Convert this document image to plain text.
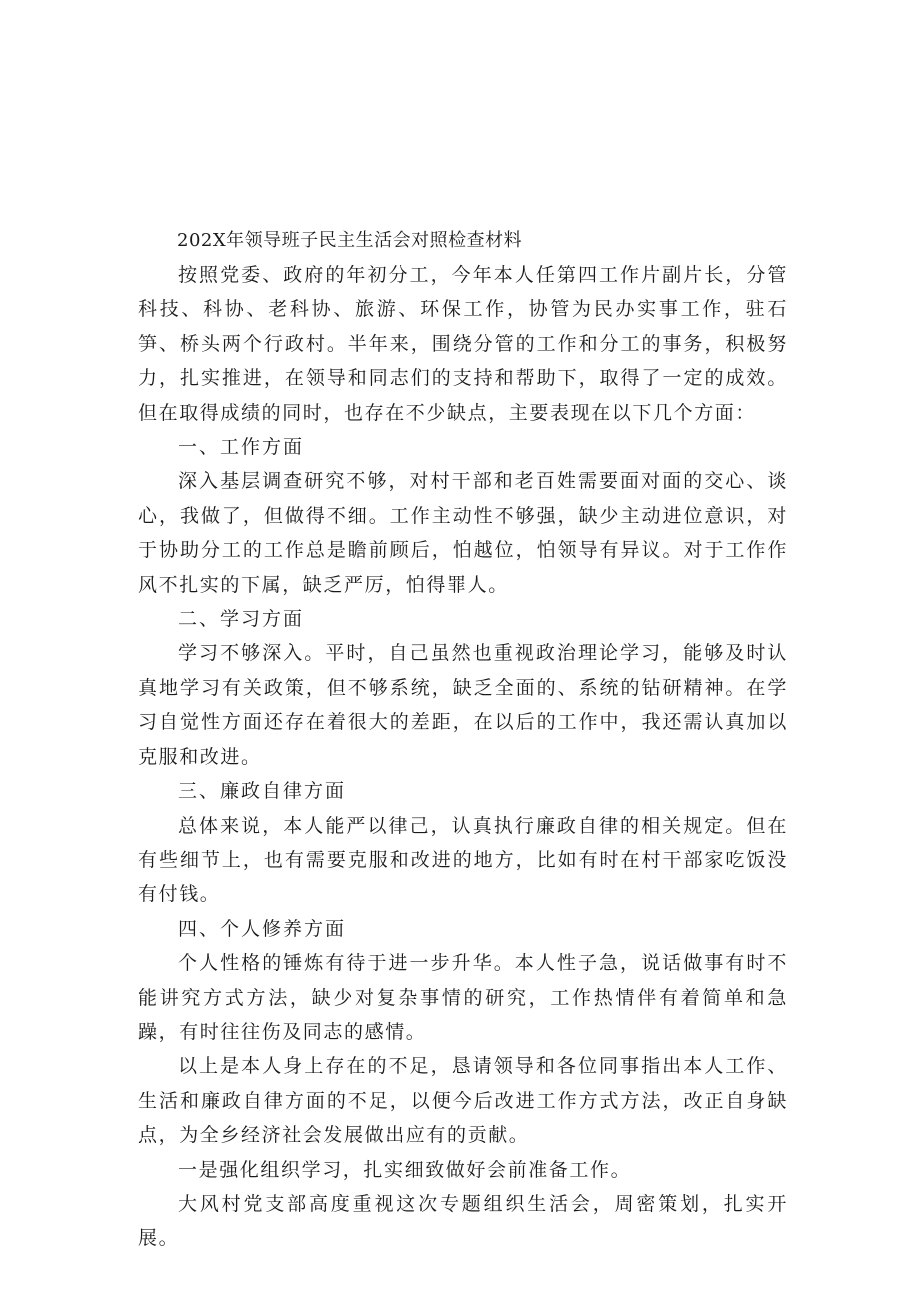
202X年领导班子民主生活会对照检查材料

按照党委、政府的年初分工，今年本人任第四工作片副片长，分管科技、科协、老科协、旅游、环保工作，协管为民办实事工作，驻石笋、桥头两个行政村。半年来，围绕分管的工作和分工的事务，积极努力，扎实推进，在领导和同志们的支持和帮助下，取得了一定的成效。但在取得成绩的同时，也存在不少缺点，主要表现在以下几个方面：

一、工作方面

深入基层调查研究不够，对村干部和老百姓需要面对面的交心、谈心，我做了，但做得不细。工作主动性不够强，缺少主动进位意识，对于协助分工的工作总是瞻前顾后，怕越位，怕领导有异议。对于工作作风不扎实的下属，缺乏严厉，怕得罪人。

二、学习方面

学习不够深入。平时，自己虽然也重视政治理论学习，能够及时认真地学习有关政策，但不够系统，缺乏全面的、系统的钻研精神。在学习自觉性方面还存在着很大的差距，在以后的工作中，我还需认真加以克服和改进。

三、廉政自律方面

总体来说，本人能严以律己，认真执行廉政自律的相关规定。但在有些细节上，也有需要克服和改进的地方，比如有时在村干部家吃饭没有付钱。

四、个人修养方面

个人性格的锤炼有待于进一步升华。本人性子急，说话做事有时不能讲究方式方法，缺少对复杂事情的研究，工作热情伴有着简单和急躁，有时往往伤及同志的感情。

以上是本人身上存在的不足，恳请领导和各位同事指出本人工作、生活和廉政自律方面的不足，以便今后改进工作方式方法，改正自身缺点，为全乡经济社会发展做出应有的贡献。

一是强化组织学习，扎实细致做好会前准备工作。

大风村党支部高度重视这次专题组织生活会，周密策划，扎实开展。
